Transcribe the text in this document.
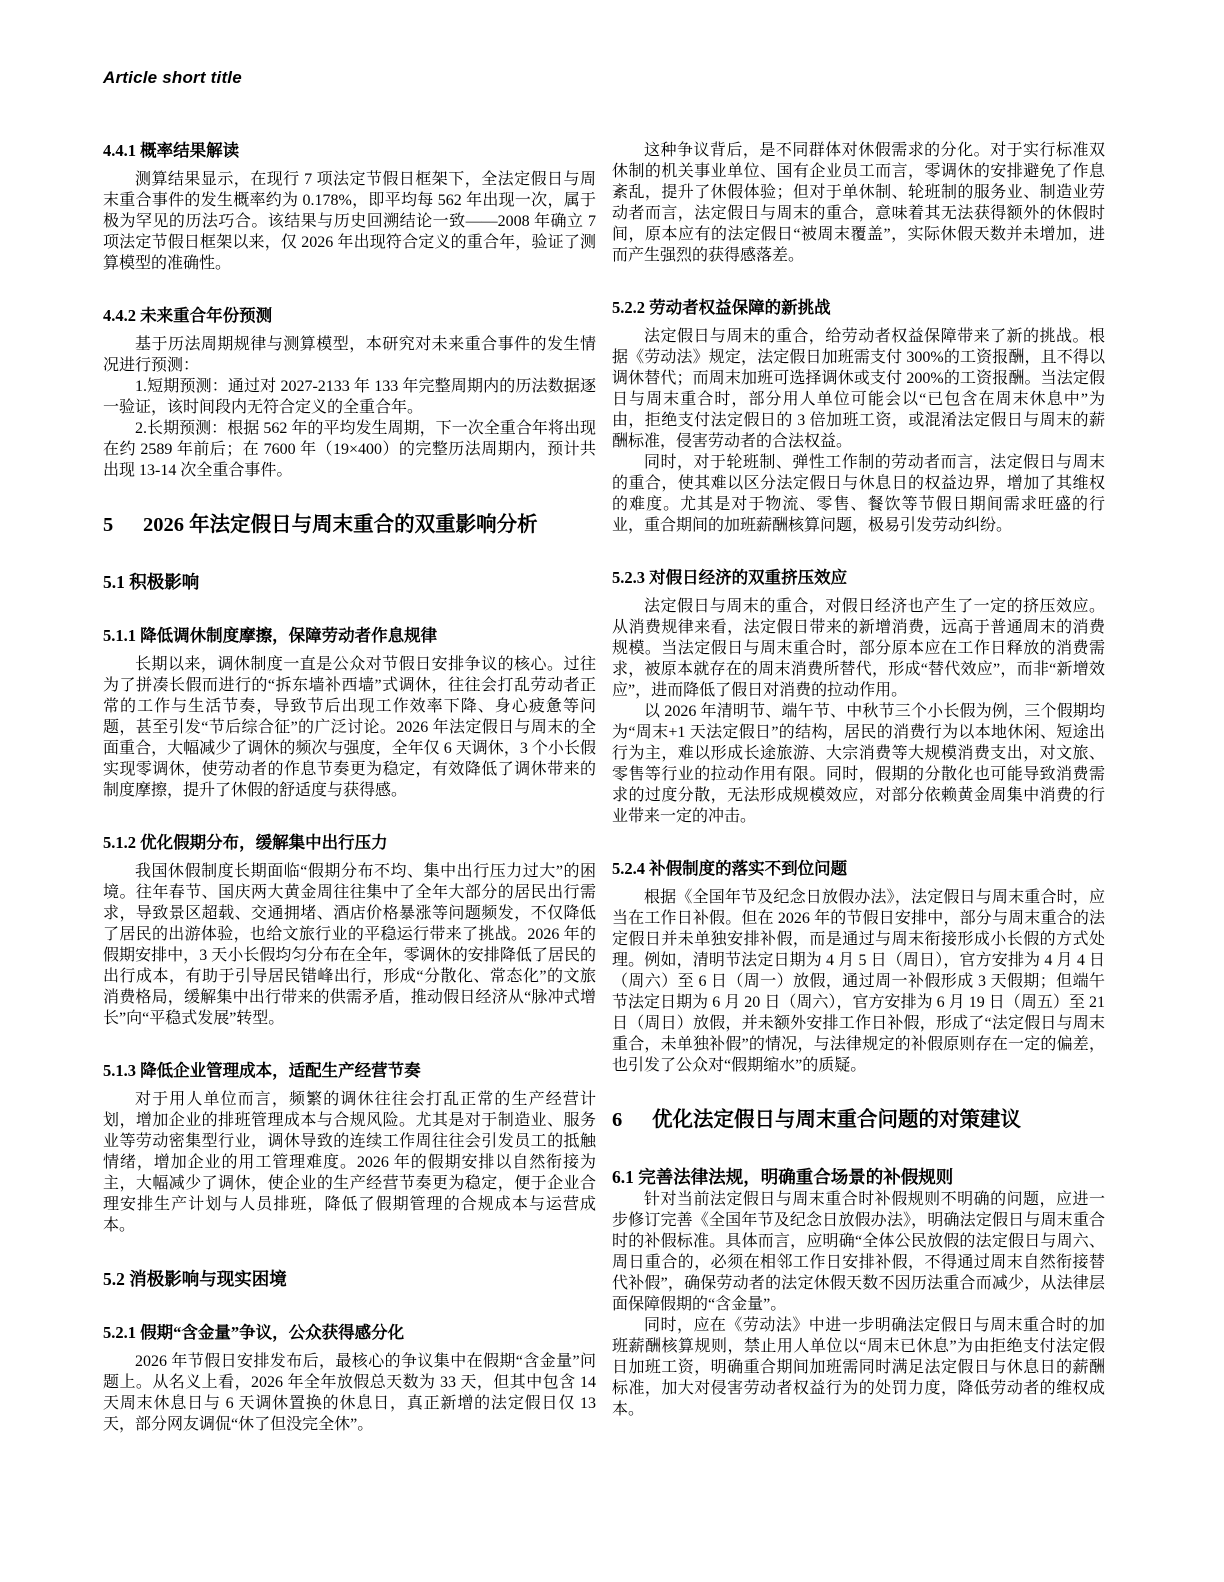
Article short title
4.4.1 概率结果解读

测算结果显示，在现行 7 项法定节假日框架下，全法定假日与周末重合事件的发生概率约为 0.178%，即平均每 562 年出现一次，属于极为罕见的历法巧合。该结果与历史回溯结论一致——2008 年确立 7 项法定节假日框架以来，仅 2026 年出现符合定义的重合年，验证了测算模型的准确性。

4.4.2 未来重合年份预测

基于历法周期规律与测算模型，本研究对未来重合事件的发生情况进行预测：

1.短期预测：通过对 2027-2133 年 133 年完整周期内的历法数据逐一验证，该时间段内无符合定义的全重合年。

2.长期预测：根据 562 年的平均发生周期，下一次全重合年将出现在约 2589 年前后；在 7600 年（19×400）的完整历法周期内，预计共出现 13-14 次全重合事件。

5 2026 年法定假日与周末重合的双重影响分析
5.1 积极影响
5.1.1 降低调休制度摩擦，保障劳动者作息规律

长期以来，调休制度一直是公众对节假日安排争议的核心。过往为了拼凑长假而进行的“拆东墙补西墙”式调休，往往会打乱劳动者正常的工作与生活节奏，导致节后出现工作效率下降、身心疲惫等问题，甚至引发“节后综合征”的广泛讨论。2026 年法定假日与周末的全面重合，大幅减少了调休的频次与强度，全年仅 6 天调休，3 个小长假实现零调休，使劳动者的作息节奏更为稳定，有效降低了调休带来的制度摩擦，提升了休假的舒适度与获得感。

5.1.2 优化假期分布，缓解集中出行压力

我国休假制度长期面临“假期分布不均、集中出行压力过大”的困境。往年春节、国庆两大黄金周往往集中了全年大部分的居民出行需求，导致景区超载、交通拥堵、酒店价格暴涨等问题频发，不仅降低了居民的出游体验，也给文旅行业的平稳运行带来了挑战。2026 年的假期安排中，3 天小长假均匀分布在全年，零调休的安排降低了居民的出行成本，有助于引导居民错峰出行，形成“分散化、常态化”的文旅消费格局，缓解集中出行带来的供需矛盾，推动假日经济从“脉冲式增长”向“平稳式发展”转型。

5.1.3 降低企业管理成本，适配生产经营节奏

对于用人单位而言，频繁的调休往往会打乱正常的生产经营计划，增加企业的排班管理成本与合规风险。尤其是对于制造业、服务业等劳动密集型行业，调休导致的连续工作周往往会引发员工的抵触情绪，增加企业的用工管理难度。2026 年的假期安排以自然衔接为主，大幅减少了调休，使企业的生产经营节奏更为稳定，便于企业合理安排生产计划与人员排班，降低了假期管理的合规成本与运营成本。

5.2 消极影响与现实困境
5.2.1 假期“含金量”争议，公众获得感分化

2026 年节假日安排发布后，最核心的争议集中在假期“含金量”问题上。从名义上看，2026 年全年放假总天数为 33 天，但其中包含 14 天周末休息日与 6 天调休置换的休息日，真正新增的法定假日仅 13 天，部分网友调侃“休了但没完全休”。

这种争议背后，是不同群体对休假需求的分化。对于实行标准双休制的机关事业单位、国有企业员工而言，零调休的安排避免了作息紊乱，提升了休假体验；但对于单休制、轮班制的服务业、制造业劳动者而言，法定假日与周末的重合，意味着其无法获得额外的休假时间，原本应有的法定假日“被周末覆盖”，实际休假天数并未增加，进而产生强烈的获得感落差。

5.2.2 劳动者权益保障的新挑战

法定假日与周末的重合，给劳动者权益保障带来了新的挑战。根据《劳动法》规定，法定假日加班需支付 300%的工资报酬，且不得以调休替代；而周末加班可选择调休或支付 200%的工资报酬。当法定假日与周末重合时，部分用人单位可能会以“已包含在周末休息中”为由，拒绝支付法定假日的 3 倍加班工资，或混淆法定假日与周末的薪酬标准，侵害劳动者的合法权益。

同时，对于轮班制、弹性工作制的劳动者而言，法定假日与周末的重合，使其难以区分法定假日与休息日的权益边界，增加了其维权的难度。尤其是对于物流、零售、餐饮等节假日期间需求旺盛的行业，重合期间的加班薪酬核算问题，极易引发劳动纠纷。

5.2.3 对假日经济的双重挤压效应

法定假日与周末的重合，对假日经济也产生了一定的挤压效应。从消费规律来看，法定假日带来的新增消费，远高于普通周末的消费规模。当法定假日与周末重合时，部分原本应在工作日释放的消费需求，被原本就存在的周末消费所替代，形成“替代效应”，而非“新增效应”，进而降低了假日对消费的拉动作用。

以 2026 年清明节、端午节、中秋节三个小长假为例，三个假期均为“周末+1 天法定假日”的结构，居民的消费行为以本地休闲、短途出行为主，难以形成长途旅游、大宗消费等大规模消费支出，对文旅、零售等行业的拉动作用有限。同时，假期的分散化也可能导致消费需求的过度分散，无法形成规模效应，对部分依赖黄金周集中消费的行业带来一定的冲击。

5.2.4 补假制度的落实不到位问题

根据《全国年节及纪念日放假办法》，法定假日与周末重合时，应当在工作日补假。但在 2026 年的节假日安排中，部分与周末重合的法定假日并未单独安排补假，而是通过与周末衔接形成小长假的方式处理。例如，清明节法定日期为 4 月 5 日（周日），官方安排为 4 月 4 日（周六）至 6 日（周一）放假，通过周一补假形成 3 天假期；但端午节法定日期为 6 月 20 日（周六），官方安排为 6 月 19 日（周五）至 21 日（周日）放假，并未额外安排工作日补假，形成了“法定假日与周末重合，未单独补假”的情况，与法律规定的补假原则存在一定的偏差，也引发了公众对“假期缩水”的质疑。

6 优化法定假日与周末重合问题的对策建议
6.1 完善法律法规，明确重合场景的补假规则

针对当前法定假日与周末重合时补假规则不明确的问题，应进一步修订完善《全国年节及纪念日放假办法》，明确法定假日与周末重合时的补假标准。具体而言，应明确“全体公民放假的法定假日与周六、周日重合的，必须在相邻工作日安排补假，不得通过周末自然衔接替代补假”，确保劳动者的法定休假天数不因历法重合而减少，从法律层面保障假期的“含金量”。

同时，应在《劳动法》中进一步明确法定假日与周末重合时的加班薪酬核算规则，禁止用人单位以“周末已休息”为由拒绝支付法定假日加班工资，明确重合期间加班需同时满足法定假日与休息日的薪酬标准，加大对侵害劳动者权益行为的处罚力度，降低劳动者的维权成本。
